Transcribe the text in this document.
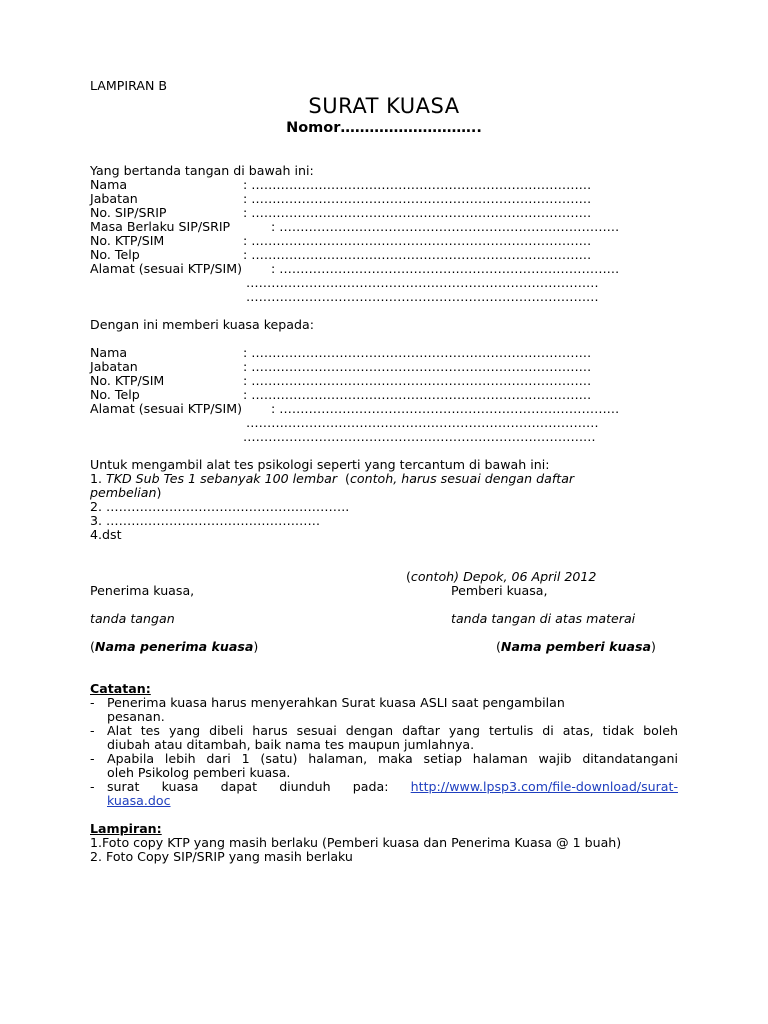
LAMPIRAN B
SURAT KUASA
Nomor………………………..
Yang bertanda tangan di bawah ini:
Nama	: ………………………………………………………………………
Jabatan	: ………………………………………………………………………
No. SIP/SRIP	: ………………………………………………………………………
Masa Berlaku SIP/SRIP	: ………………………………………………………………………
No. KTP/SIM	: ………………………………………………………………………
No. Telp	: ………………………………………………………………………
Alamat (sesuai KTP/SIM) : ………………………………………………………………………
…………………………………………………………………………
…………………………………………………………………………
Dengan ini memberi kuasa kepada:
Nama	: ………………………………………………………………………
Jabatan	: ………………………………………………………………………
No. KTP/SIM	: ………………………………………………………………………
No. Telp	: ………………………………………………………………………
Alamat (sesuai KTP/SIM) : ………………………………………………………………………
…………………………………………………………………………
…………………………………………………………………………
Untuk mengambil alat tes psikologi seperti yang tercantum di bawah ini:
1. TKD Sub Tes 1 sebanyak 100 lembar  (contoh, harus sesuai dengan daftar
pembelian)
2. ………………………………………………….
3. ……………………………………………
4.dst
(contoh) Depok, 06 April 2012
Penerima kuasa,	Pemberi kuasa,
tanda tangan	tanda tangan di atas materai
(Nama penerima kuasa)	(Nama pemberi kuasa)
Catatan:
- Penerima kuasa harus menyerahkan Surat kuasa ASLI saat pengambilan
pesanan.
- Alat tes yang dibeli harus sesuai dengan daftar yang tertulis di atas, tidak boleh
diubah atau ditambah, baik nama tes maupun jumlahnya.
- Apabila lebih dari 1 (satu) halaman, maka setiap halaman wajib ditandatangani
oleh Psikolog pemberi kuasa.
- surat kuasa dapat diunduh pada: http://www.lpsp3.com/file-download/surat-
kuasa.doc
Lampiran:
1.Foto copy KTP yang masih berlaku (Pemberi kuasa dan Penerima Kuasa @ 1 buah)
2. Foto Copy SIP/SRIP yang masih berlaku
